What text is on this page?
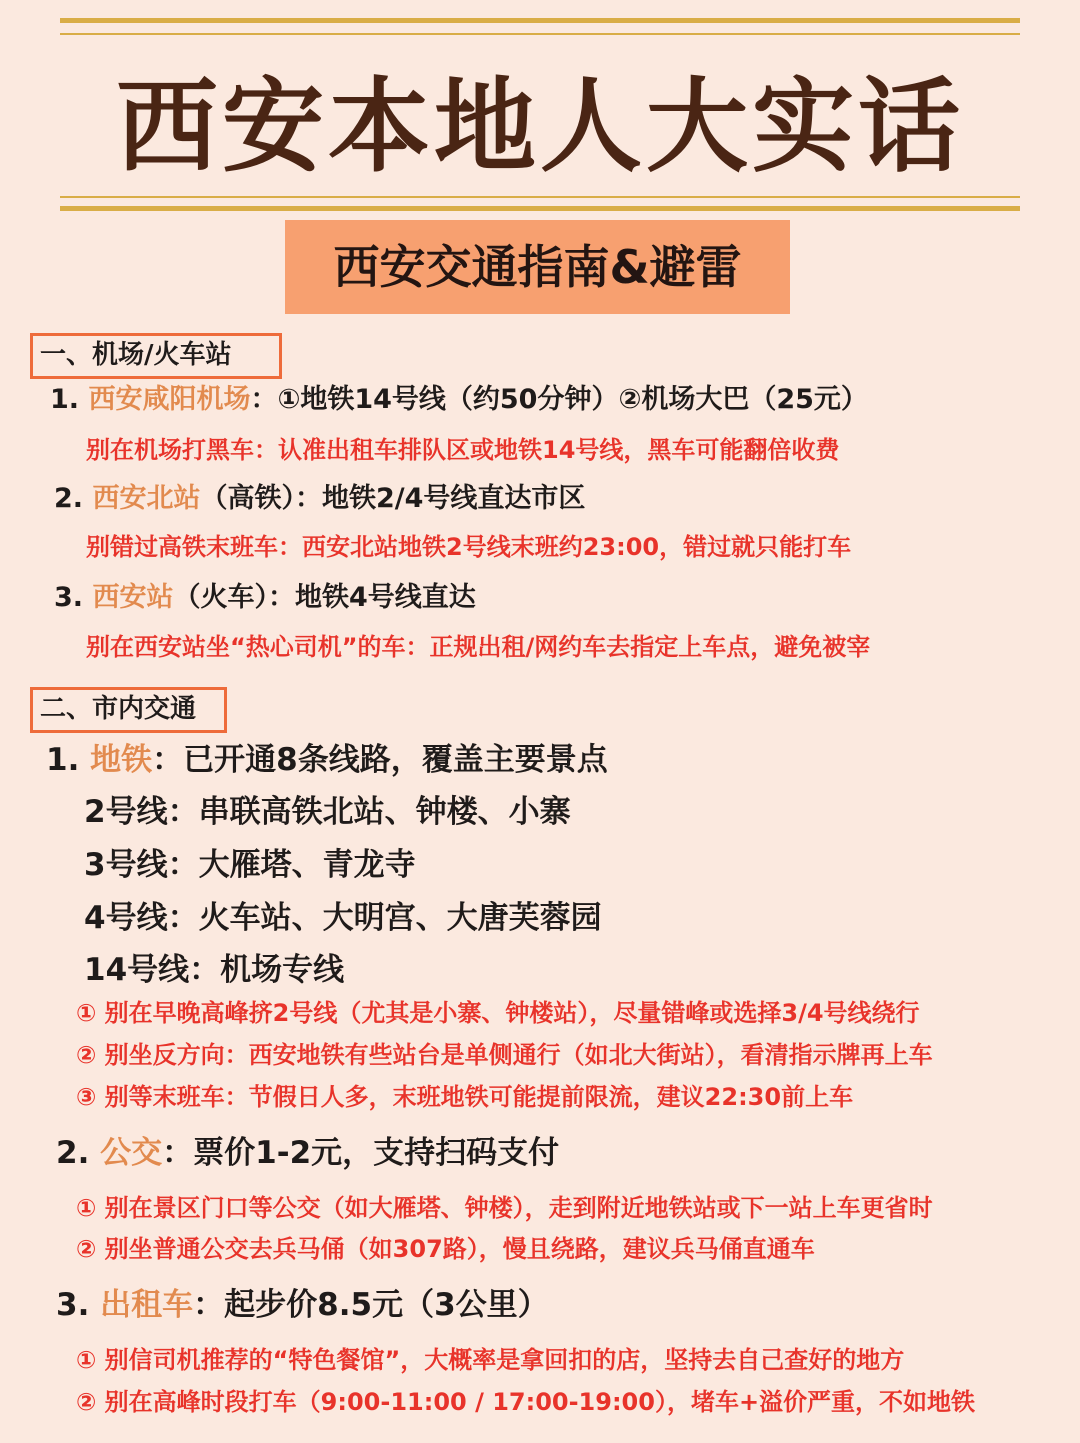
西安本地人大实话
西安交通指南&避雷
一、机场/火车站
1. 西安咸阳机场：①地铁14号线（约50分钟）②机场大巴（25元）
别在机场打黑车：认准出租车排队区或地铁14号线，黑车可能翻倍收费
2. 西安北站（高铁）：地铁2/4号线直达市区
别错过高铁末班车：西安北站地铁2号线末班约23:00，错过就只能打车
3. 西安站（火车）：地铁4号线直达
别在西安站坐“热心司机”的车：正规出租/网约车去指定上车点，避免被宰
二、市内交通
1. 地铁：已开通8条线路，覆盖主要景点
2号线：串联高铁北站、钟楼、小寨
3号线：大雁塔、青龙寺
4号线：火车站、大明宫、大唐芙蓉园
14号线：机场专线
① 别在早晚高峰挤2号线（尤其是小寨、钟楼站），尽量错峰或选择3/4号线绕行
② 别坐反方向：西安地铁有些站台是单侧通行（如北大街站），看清指示牌再上车
③ 别等末班车：节假日人多，末班地铁可能提前限流，建议22:30前上车
2. 公交：票价1-2元，支持扫码支付
① 别在景区门口等公交（如大雁塔、钟楼），走到附近地铁站或下一站上车更省时
② 别坐普通公交去兵马俑（如307路），慢且绕路，建议兵马俑直通车
3. 出租车：起步价8.5元（3公里）
① 别信司机推荐的“特色餐馆”，大概率是拿回扣的店，坚持去自己查好的地方
② 别在高峰时段打车（9:00-11:00 / 17:00-19:00），堵车+溢价严重，不如地铁
